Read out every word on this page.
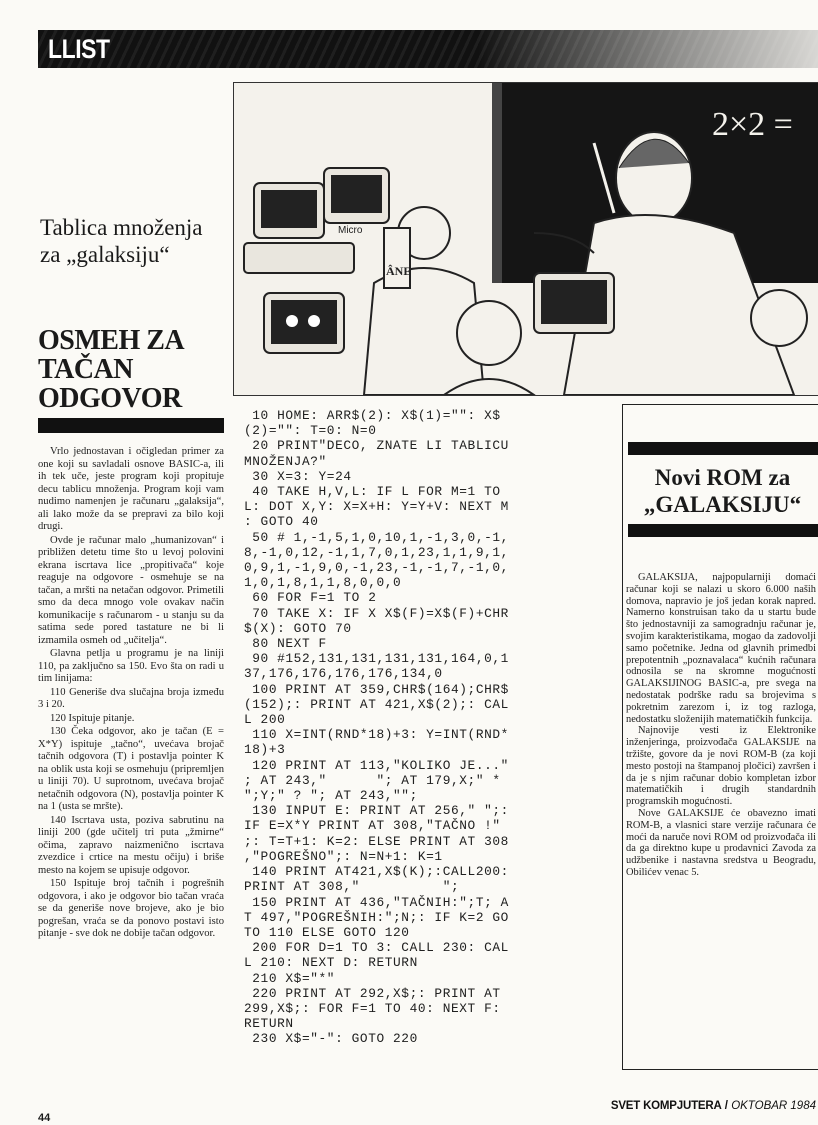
LLIST
2×2 =
Micro
ÂNE
Tablica množenja za „galaksiju“
OSMEH ZA TAČAN ODGOVOR

Vrlo jednostavan i očigledan primer za one koji su savladali osnove BASIC-a, ili ih tek uče, jeste program koji propituje decu tablicu množenja. Program koji vam nudimo namenjen je računaru „galaksija“, ali lako može da se prepravi za bilo koji drugi.

Ovde je računar malo „humanizovan“ i približen detetu time što u levoj polovini ekrana iscrtava lice „propitivača“ koje reaguje na odgovore - osmehuje se na tačan, a mršti na netačan odgovor. Primetili smo da deca mnogo vole ovakav način komunikacije s računarom - u stanju su da satima sede pored tastature ne bi li izmamila osmeh od „učitelja“.

Glavna petlja u programu je na liniji 110, pa zaključno sa 150. Evo šta on radi u tim linijama:

110 Generiše dva slučajna broja između 3 i 20.

120 Ispituje pitanje.

130 Čeka odgovor, ako je tačan (E = X*Y) ispituje „tačno“, uvećava brojač tačnih odgovora (T) i postavlja pointer K na oblik usta koji se osmehuju (pripremljen u liniji 70). U suprotnom, uvećava brojač netačnih odgovora (N), postavlja pointer K na 1 (usta se mršte).

140 Iscrtava usta, poziva sabrutinu na liniji 200 (gde učitelj tri puta „žmirne“ očima, zapravo naizmenično iscrtava zvezdice i crtice na mestu očiju) i briše mesto na kojem se upisuje odgovor.

150 Ispituje broj tačnih i pogrešnih odgovora, i ako je odgovor bio tačan vraća se da generiše nove brojeve, ako je bio pogrešan, vraća se da ponovo postavi isto pitanje - sve dok ne dobije tačan odgovor.

10 HOME: ARR$(2): X$(1)="": X$
(2)="": T=0: N=0
20 PRINT"DECO, ZNATE LI TABLICU
MNOŽENJA?"
30 X=3: Y=24
40 TAKE H,V,L: IF L FOR M=1 TO
L: DOT X,Y: X=X+H: Y=Y+V: NEXT M
: GOTO 40
50 # 1,-1,5,1,0,10,1,-1,3,0,-1,
8,-1,0,12,-1,1,7,0,1,23,1,1,9,1,
0,9,1,-1,9,0,-1,23,-1,-1,7,-1,0,
1,0,1,8,1,1,8,0,0,0
60 FOR F=1 TO 2
70 TAKE X: IF X X$(F)=X$(F)+CHR
$(X): GOTO 70
80 NEXT F
90 #152,131,131,131,131,164,0,1
37,176,176,176,176,134,0
100 PRINT AT 359,CHR$(164);CHR$
(152);: PRINT AT 421,X$(2);: CAL
L 200
110 X=INT(RND*18)+3: Y=INT(RND*
18)+3
120 PRINT AT 113,"KOLIKO JE..."
; AT 243,"      "; AT 179,X;" *
";Y;" ? "; AT 243,"";
130 INPUT E: PRINT AT 256," ";:
IF E=X*Y PRINT AT 308,"TAČNO !"
;: T=T+1: K=2: ELSE PRINT AT 308
,"POGREŠNO";: N=N+1: K=1
140 PRINT AT421,X$(K);:CALL200:
PRINT AT 308,"          ";
150 PRINT AT 436,"TAČNIH:";T; A
T 497,"POGREŠNIH:";N;: IF K=2 GO
TO 110 ELSE GOTO 120
200 FOR D=1 TO 3: CALL 230: CAL
L 210: NEXT D: RETURN
210 X$="*"
220 PRINT AT 292,X$;: PRINT AT
299,X$;: FOR F=1 TO 40: NEXT F:
RETURN
230 X$="-": GOTO 220
Novi ROM za „GALAKSIJU“

GALAKSIJA, najpopularniji domaći računar koji se nalazi u skoro 6.000 naših domova, napravio je još jedan korak napred. Namerno konstruisan tako da u startu bude što jednostavniji za samogradnju računar je, svojim karakteristikama, mogao da zadovolji samo početnike. Jedna od glavnih primedbi prepotentnih „poznavalaca“ kućnih računara odnosila se na skromne mogućnosti GALAKSIJINOG BASIC-a, pre svega na nedostatak podrške radu sa brojevima s pokretnim zarezom i, iz tog razloga, nedostatku složenijih matematičkih funkcija.

Najnovije vesti iz Elektronike inženjeringa, proizvođača GALAKSIJE na tržište, govore da je novi ROM-B (za koji mesto postoji na štampanoj pločici) završen i da je s njim računar dobio kompletan izbor matematičkih i drugih standardnih programskih mogućnosti.

Nove GALAKSIJE će obavezno imati ROM-B, a vlasnici stare verzije računara će moći da naruče novi ROM od proizvođača ili da ga direktno kupe u prodavnici Zavoda za udžbenike i nastavna sredstva u Beogradu, Obilićev venac 5.

SVET KOMPJUTERA / OKTOBAR 1984
44
